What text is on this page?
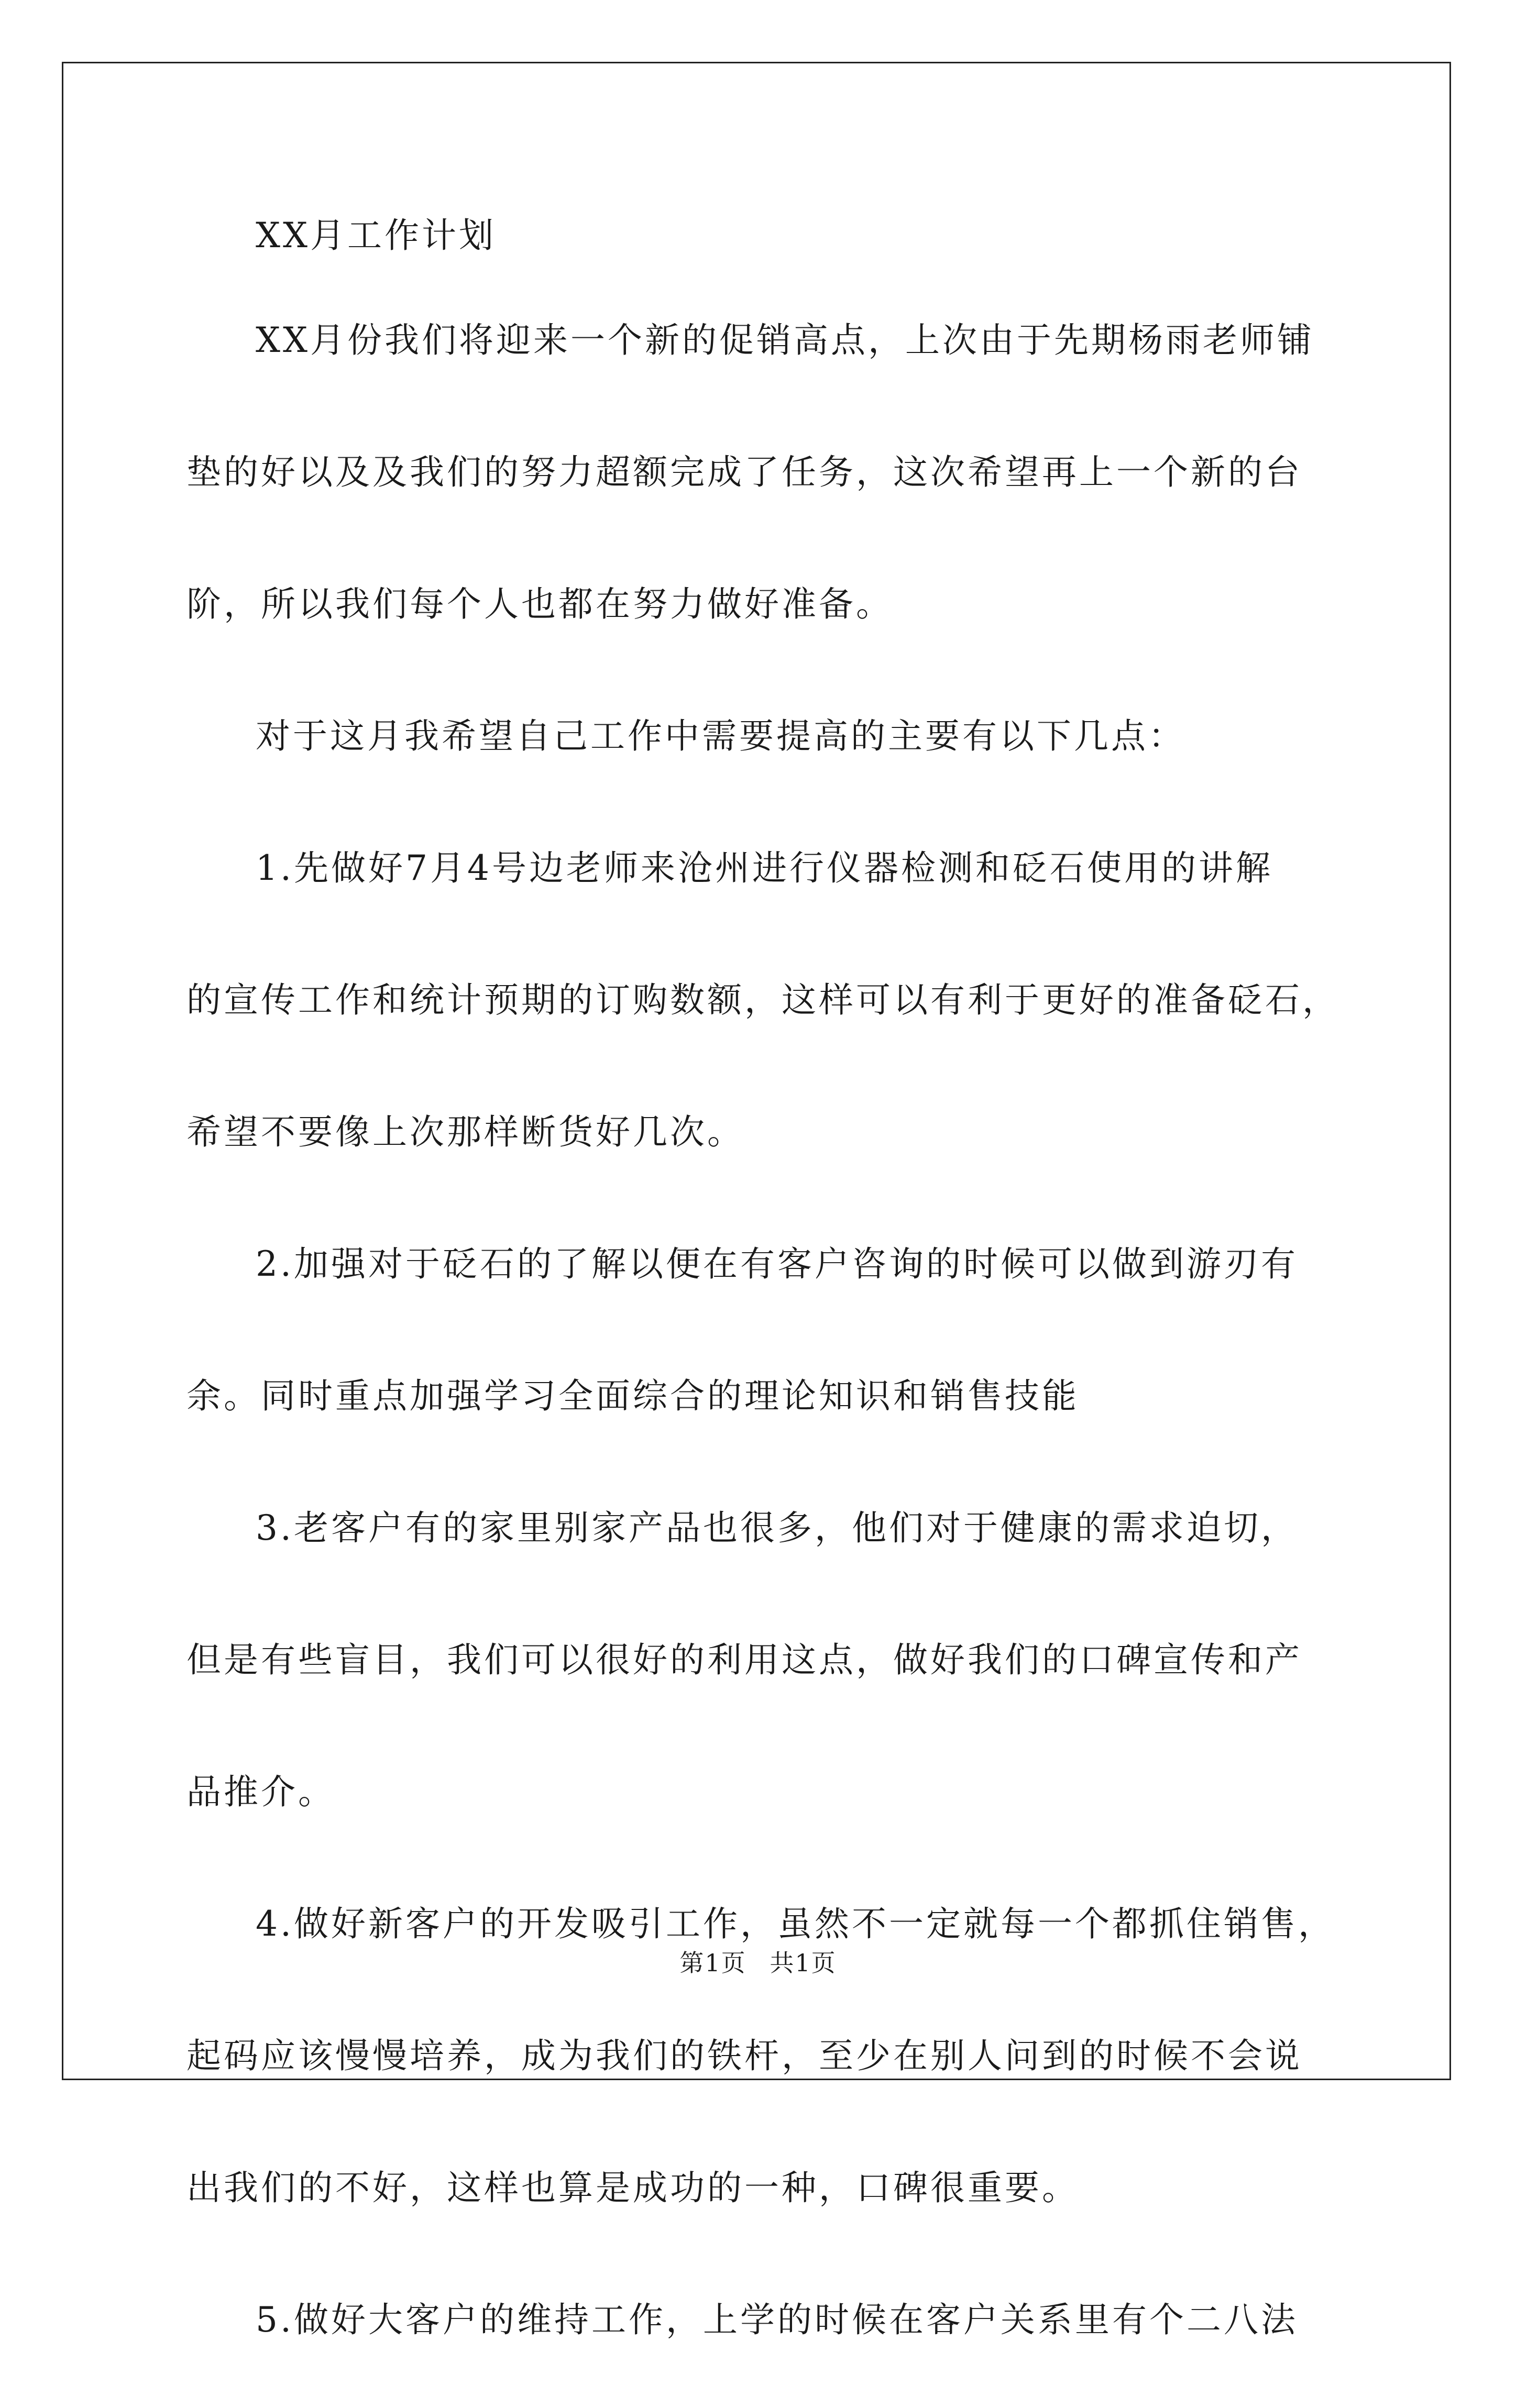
XX月工作计划

XX月份我们将迎来一个新的促销高点，上次由于先期杨雨老师铺
垫的好以及及我们的努力超额完成了任务，这次希望再上一个新的台
阶，所以我们每个人也都在努力做好准备。

对于这月我希望自己工作中需要提高的主要有以下几点：

1.先做好7月4号边老师来沧州进行仪器检测和砭石使用的讲解
的宣传工作和统计预期的订购数额，这样可以有利于更好的准备砭石，
希望不要像上次那样断货好几次。

2.加强对于砭石的了解以便在有客户咨询的时候可以做到游刃有
余。同时重点加强学习全面综合的理论知识和销售技能

3.老客户有的家里别家产品也很多，他们对于健康的需求迫切，
但是有些盲目，我们可以很好的利用这点，做好我们的口碑宣传和产
品推介。

4.做好新客户的开发吸引工作，虽然不一定就每一个都抓住销售，
起码应该慢慢培养，成为我们的铁杆，至少在别人问到的时候不会说
出我们的不好，这样也算是成功的一种，口碑很重要。

5.做好大客户的维持工作，上学的时候在客户关系里有个二八法

第1页 共1页
